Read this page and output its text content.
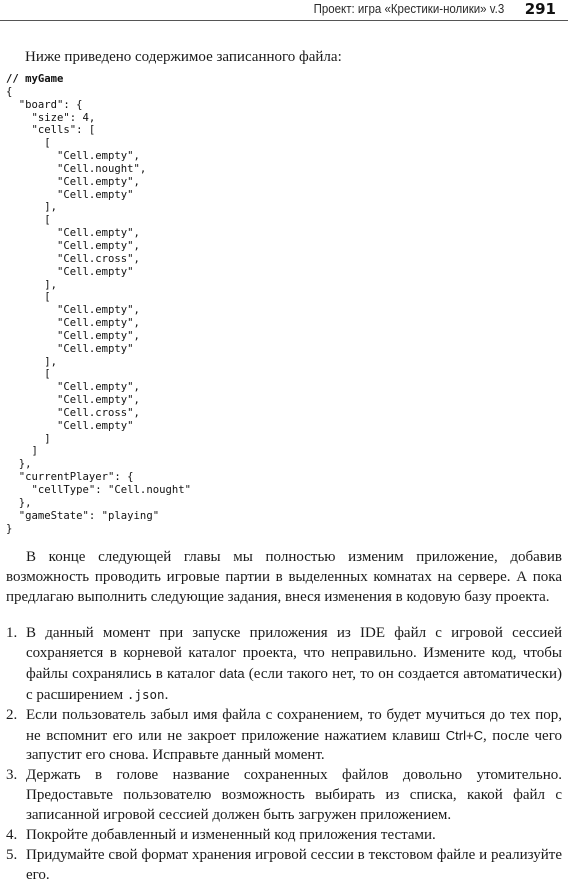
Проект: игра «Крестики-нолики» v.3 291
Ниже приведено содержимое записанного файла:
// myGame
{
"board": {
"size": 4,
"cells": [
[
"Cell.empty",
"Cell.nought",
"Cell.empty",
"Cell.empty"
],
[
"Cell.empty",
"Cell.empty",
"Cell.cross",
"Cell.empty"
],
[
"Cell.empty",
"Cell.empty",
"Cell.empty",
"Cell.empty"
],
[
"Cell.empty",
"Cell.empty",
"Cell.cross",
"Cell.empty"
]
]
},
"currentPlayer": {
"cellType": "Cell.nought"
},
"gameState": "playing"
}
В конце следующей главы мы полностью изменим приложение, добавив возможность проводить игровые партии в выделенных комнатах на сервере. А пока предлагаю выполнить следующие задания, внеся изменения в кодовую базу проекта.
1. В данный момент при запуске приложения из IDE файл с игровой сессией сохраняется в корневой каталог проекта, что неправильно. Измените код, чтобы файлы сохранялись в каталог data (если такого нет, то он создается автоматически) с расширением .json.
2. Если пользователь забыл имя файла с сохранением, то будет мучиться до тех пор, не вспомнит его или не закроет приложение нажатием клавиш Ctrl+C, после чего запустит его снова. Исправьте данный момент.
3. Держать в голове название сохраненных файлов довольно утомительно. Предоставьте пользователю возможность выбирать из списка, какой файл с записанной игровой сессией должен быть загружен приложением.
4. Покройте добавленный и измененный код приложения тестами.
5. Придумайте свой формат хранения игровой сессии в текстовом файле и реализуйте его.
